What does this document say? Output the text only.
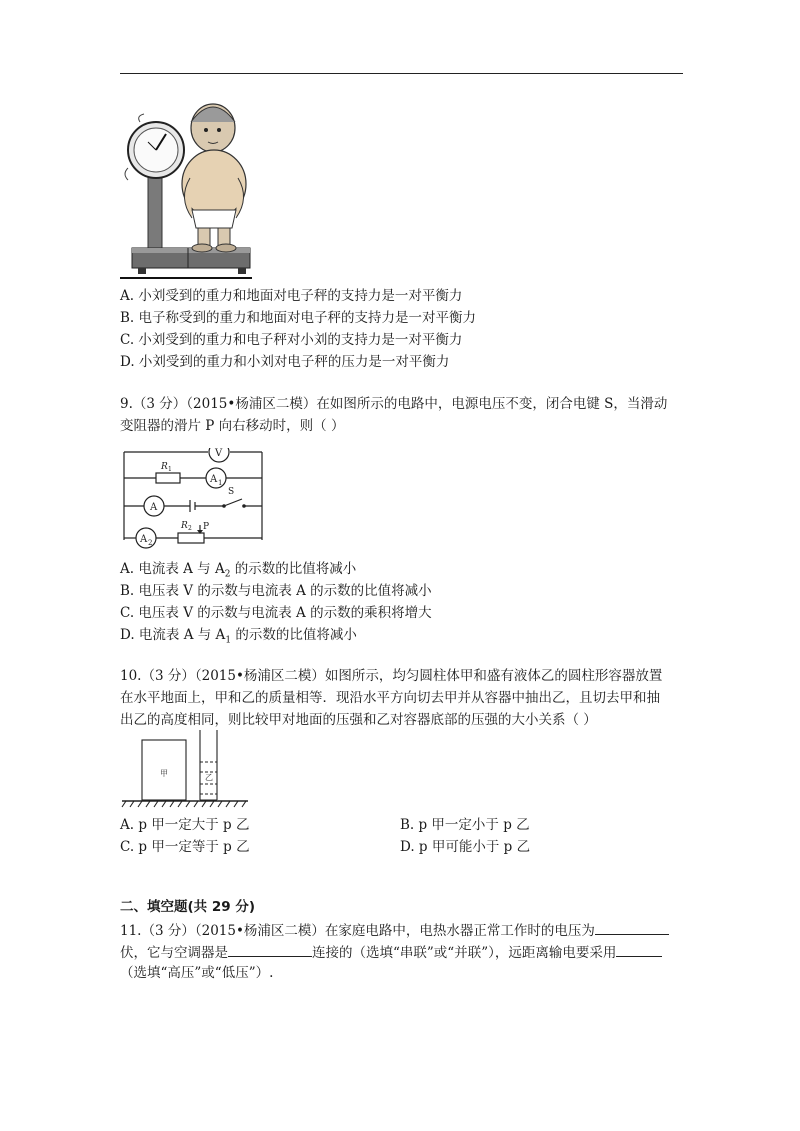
A. 小刘受到的重力和地面对电子秤的支持力是一对平衡力
B. 电子称受到的重力和地面对电子秤的支持力是一对平衡力
C. 小刘受到的重力和电子秤对小刘的支持力是一对平衡力
D. 小刘受到的重力和小刘对电子秤的压力是一对平衡力
9.（3 分）（2015•杨浦区二模）在如图所示的电路中，电源电压不变，闭合电键 S，当滑动
变阻器的滑片 P 向右移动时，则（ ）
V
A 1
A
A 2
S
R 1
R 2 P
A. 电流表 A 与 $A_2$ 的示数的比值将减小
B. 电压表 V 的示数与电流表 A 的示数的比值将减小
C. 电压表 V 的示数与电流表 A 的示数的乘积将增大
D. 电流表 A 与 $A_1$ 的示数的比值将减小
10.（3 分）（2015•杨浦区二模）如图所示，均匀圆柱体甲和盛有液体乙的圆柱形容器放置
在水平地面上，甲和乙的质量相等．现沿水平方向切去甲并从容器中抽出乙，且切去甲和抽
出乙的高度相同，则比较甲对地面的压强和乙对容器底部的压强的大小关系（ ）
甲	乙
A. p 甲一定大于 p 乙	B. p 甲一定小于 p 乙
C. p 甲一定等于 p 乙	D. p 甲可能小于 p 乙
二、填空题(共 29 分)
11.（3 分）（2015•杨浦区二模）在家庭电路中，电热水器正常工作时的电压为
伏，它与空调器是	连接的（选填“串联”或“并联”），远距离输电要采用
（选填“高压”或“低压”）.
